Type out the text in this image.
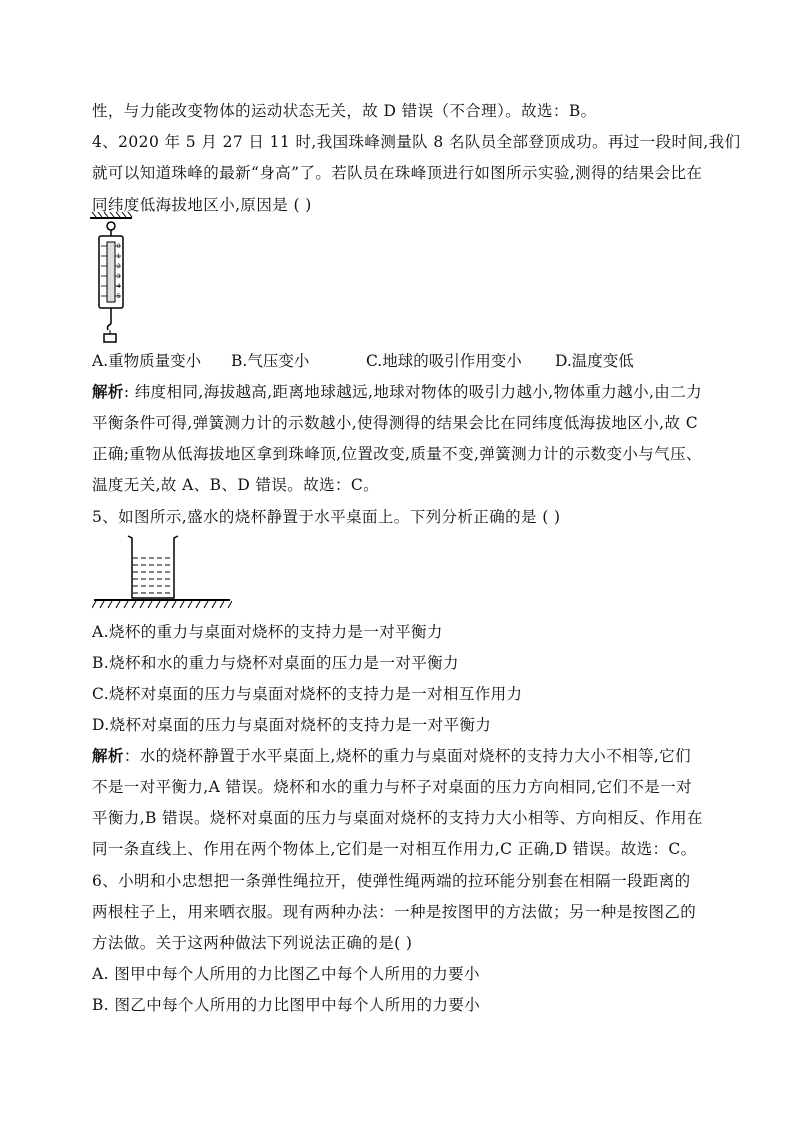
性，与力能改变物体的运动状态无关，故 D 错误（不合理）。故选：B。
4、2020 年 5 月 27 日 11 时,我国珠峰测量队 8 名队员全部登顶成功。再过一段时间,我们
就可以知道珠峰的最新“身高”了。若队员在珠峰顶进行如图所示实验,测得的结果会比在
同纬度低海拔地区小,原因是 ( )
0
1
2
3
4
5
A.重物质量变小 B.气压变小	C.地球的吸引作用变小 D.温度变低
解析: 纬度相同,海拔越高,距离地球越远,地球对物体的吸引力越小,物体重力越小,由二力
平衡条件可得,弹簧测力计的示数越小,使得测得的结果会比在同纬度低海拔地区小,故 C
正确;重物从低海拔地区拿到珠峰顶,位置改变,质量不变,弹簧测力计的示数变小与气压、
温度无关,故 A、B、D 错误。故选：C。
5、如图所示,盛水的烧杯静置于水平桌面上。下列分析正确的是 ( )
A.烧杯的重力与桌面对烧杯的支持力是一对平衡力
B.烧杯和水的重力与烧杯对桌面的压力是一对平衡力
C.烧杯对桌面的压力与桌面对烧杯的支持力是一对相互作用力
D.烧杯对桌面的压力与桌面对烧杯的支持力是一对平衡力
解析：水的烧杯静置于水平桌面上,烧杯的重力与桌面对烧杯的支持力大小不相等,它们
不是一对平衡力,A 错误。烧杯和水的重力与杯子对桌面的压力方向相同,它们不是一对
平衡力,B 错误。烧杯对桌面的压力与桌面对烧杯的支持力大小相等、方向相反、作用在
同一条直线上、作用在两个物体上,它们是一对相互作用力,C 正确,D 错误。故选：C。
6、小明和小忠想把一条弹性绳拉开，使弹性绳两端的拉环能分别套在相隔一段距离的
两根柱子上，用来晒衣服。现有两种办法：一种是按图甲的方法做；另一种是按图乙的
方法做。关于这两种做法下列说法正确的是( )
A. 图甲中每个人所用的力比图乙中每个人所用的力要小
B. 图乙中每个人所用的力比图甲中每个人所用的力要小
